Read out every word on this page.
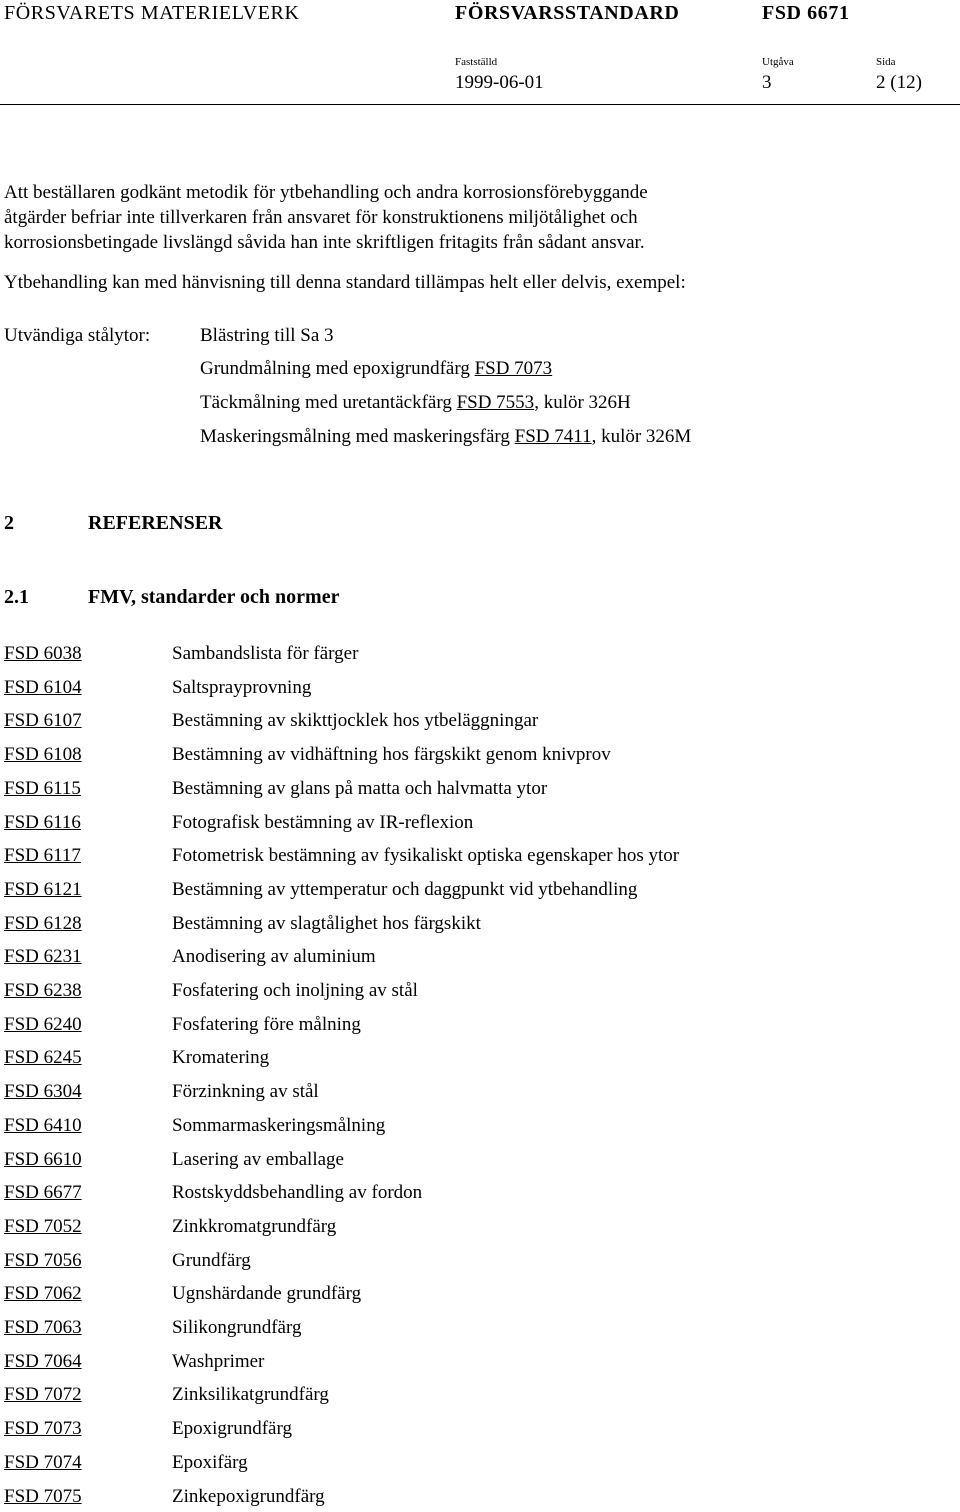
FÖRSVARETS MATERIELVERK	FÖRSVARSSTANDARD	FSD 6671
Fastställd	Utgåva	Sida
1999-06-01	3	2 (12)
Att beställaren godkänt metodik för ytbehandling och andra korrosionsförebyggande
åtgärder befriar inte tillverkaren från ansvaret för konstruktionens miljötålighet och
korrosionsbetingade livslängd såvida han inte skriftligen fritagits från sådant ansvar.
Ytbehandling kan med hänvisning till denna standard tillämpas helt eller delvis, exempel:
Utvändiga stålytor:	Blästring till Sa 3
Grundmålning med epoxigrundfärg FSD 7073
Täckmålning med uretantäckfärg FSD 7553, kulör 326H
Maskeringsmålning med maskeringsfärg FSD 7411, kulör 326M
2	REFERENSER
2.1	FMV, standarder och normer
FSD 6038	Sambandslista för färger
FSD 6104	Saltsprayprovning
FSD 6107	Bestämning av skikttjocklek hos ytbeläggningar
FSD 6108	Bestämning av vidhäftning hos färgskikt genom knivprov
FSD 6115	Bestämning av glans på matta och halvmatta ytor
FSD 6116	Fotografisk bestämning av IR-reflexion
FSD 6117	Fotometrisk bestämning av fysikaliskt optiska egenskaper hos ytor
FSD 6121	Bestämning av yttemperatur och daggpunkt vid ytbehandling
FSD 6128	Bestämning av slagtålighet hos färgskikt
FSD 6231	Anodisering av aluminium
FSD 6238	Fosfatering och inoljning av stål
FSD 6240	Fosfatering före målning
FSD 6245	Kromatering
FSD 6304	Förzinkning av stål
FSD 6410	Sommarmaskeringsmålning
FSD 6610	Lasering av emballage
FSD 6677	Rostskyddsbehandling av fordon
FSD 7052	Zinkkromatgrundfärg
FSD 7056	Grundfärg
FSD 7062	Ugnshärdande grundfärg
FSD 7063	Silikongrundfärg
FSD 7064	Washprimer
FSD 7072	Zinksilikatgrundfärg
FSD 7073	Epoxigrundfärg
FSD 7074	Epoxifärg
FSD 7075	Zinkepoxigrundfärg
